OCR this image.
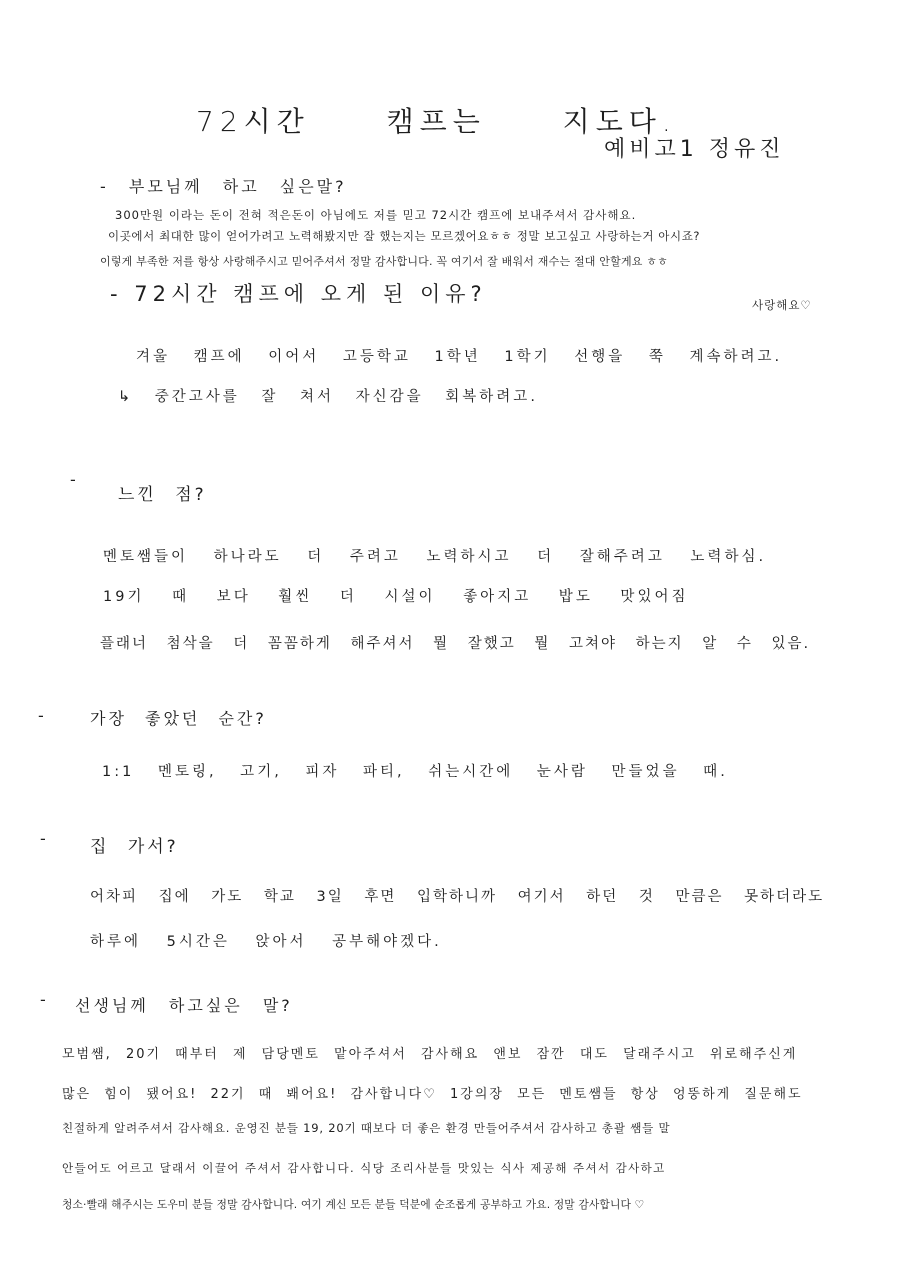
72시간 캠프는 지도다.
예비고1 정유진
- 부모님께 하고 싶은말?
300만원 이라는 돈이 전혀 적은돈이 아님에도 저를 믿고 72시간 캠프에 보내주셔서 감사해요.
이곳에서 최대한 많이 얻어가려고 노력해봤지만 잘 했는지는 모르겠어요ㅎㅎ 정말 보고싶고 사랑하는거 아시죠?
이렇게 부족한 저를 항상 사랑해주시고 믿어주셔서 정말 감사합니다. 꼭 여기서 잘 배워서 재수는 절대 안할게요 ㅎㅎ
- 72시간 캠프에 오게 된 이유?	사랑해요♡
겨울 캠프에 이어서 고등학교 1학년 1학기 선행을 쭉 계속하려고.
↳ 중간고사를 잘 쳐서 자신감을 회복하려고.
-
느낀 점?
멘토쌤들이 하나라도 더 주려고 노력하시고 더 잘해주려고 노력하심.
19기 때 보다 훨씬 더 시설이 좋아지고 밥도 맛있어짐
플래너 첨삭을 더 꼼꼼하게 해주셔서 뭘 잘했고 뭘 고쳐야 하는지 알 수 있음.
-	가장 좋았던 순간?
1:1 멘토링, 고기, 피자 파티, 쉬는시간에 눈사람 만들었을 때.
- 집 가서?
어차피 집에 가도 학교 3일 후면 입학하니까 여기서 하던 것 만큼은 못하더라도
하루에 5시간은 앉아서 공부해야겠다.
- 선생님께 하고싶은 말?
모범쌤, 20기 때부터 제 담당멘토 맡아주셔서 감사해요 앤보 잠깐 대도 달래주시고 위로해주신게
많은 힘이 됐어요! 22기 때 봬어요! 감사합니다♡ 1강의장 모든 멘토쌤들 항상 엉뚱하게 질문해도
친절하게 알려주셔서 감사해요. 운영진 분들 19, 20기 때보다 더 좋은 환경 만들어주셔서 감사하고 총괄 쌤들 말
안들어도 어르고 달래서 이끌어 주셔서 감사합니다. 식당 조리사분들 맛있는 식사 제공해 주셔서 감사하고
청소·빨래 해주시는 도우미 분들 정말 감사합니다. 여기 계신 모든 분들 덕분에 순조롭게 공부하고 가요. 정말 감사합니다 ♡
